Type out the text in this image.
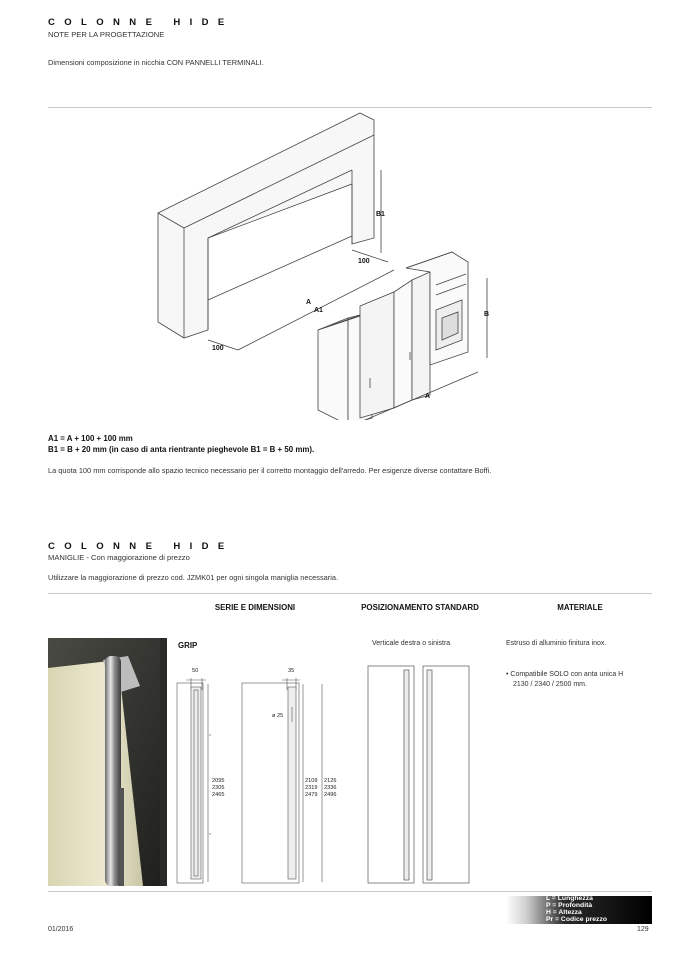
COLONNE HIDE
NOTE PER LA PROGETTAZIONE
Dimensioni composizione in nicchia CON PANNELLI TERMINALI.
B1
100
A
A1
100
B
A
A1 = A + 100 + 100 mm
B1 = B + 20 mm (in caso di anta rientrante pieghevole B1 = B + 50 mm).
La quota 100 mm corrisponde allo spazio tecnico necessario per il corretto montaggio dell'arredo. Per esigenze diverse contattare Boffi.
COLONNE HIDE
MANIGLIE - Con maggiorazione di prezzo
Utilizzare la maggiorazione di prezzo cod. JZMK01 per ogni singola maniglia necessaria.
SERIE E DIMENSIONI	POSIZIONAMENTO STANDARD	MATERIALE
GRIP
50
2095
2305
2465
35
ø 25
2109
2319
2479
2126
2336
2496
Verticale destra o sinistra	Estruso di alluminio finitura inox.
• Compatibile SOLO con anta unica H
2130 / 2340 / 2500 mm.
L = Lunghezza
P = Profondità
H = Altezza
Pr = Codice prezzo
01/2016	129
